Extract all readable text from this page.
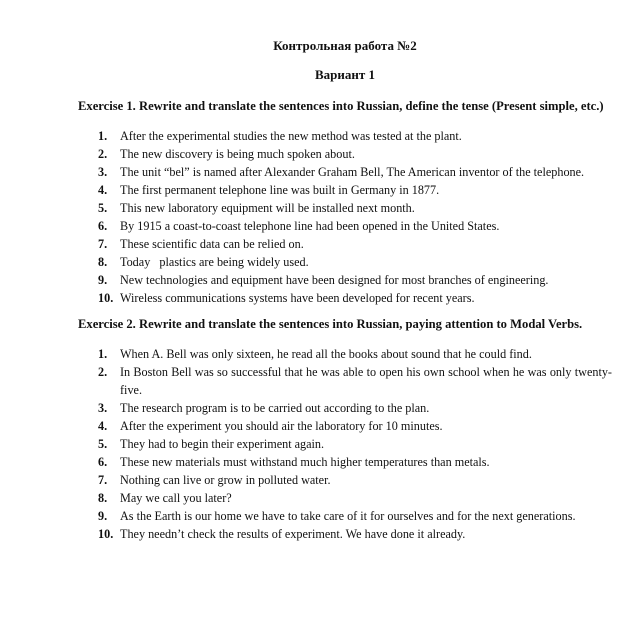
Контрольная работа №2
Вариант 1
Exercise 1. Rewrite and translate the sentences into Russian, define the tense (Present simple, etc.)
1. After the experimental studies the new method was tested at the plant.
2. The new discovery is being much spoken about.
3. The unit “bel” is named after Alexander Graham Bell, The American inventor of the telephone.
4. The first permanent telephone line was built in Germany in 1877.
5. This new laboratory equipment will be installed next month.
6. By 1915 a coast-to-coast telephone line had been opened in the United States.
7. These scientific data can be relied on.
8. Today   plastics are being widely used.
9. New technologies and equipment have been designed for most branches of engineering.
10. Wireless communications systems have been developed for recent years.
Exercise 2. Rewrite and translate the sentences into Russian, paying attention to Modal Verbs.
1. When A. Bell was only sixteen, he read all the books about sound that he could find.
2. In Boston Bell was so successful that he was able to open his own school when he was only twenty-five.
3. The research program is to be carried out according to the plan.
4. After the experiment you should air the laboratory for 10 minutes.
5. They had to begin their experiment again.
6. These new materials must withstand much higher temperatures than metals.
7. Nothing can live or grow in polluted water.
8. May we call you later?
9. As the Earth is our home we have to take care of it for ourselves and for the next generations.
10. They needn’t check the results of experiment. We have done it already.
